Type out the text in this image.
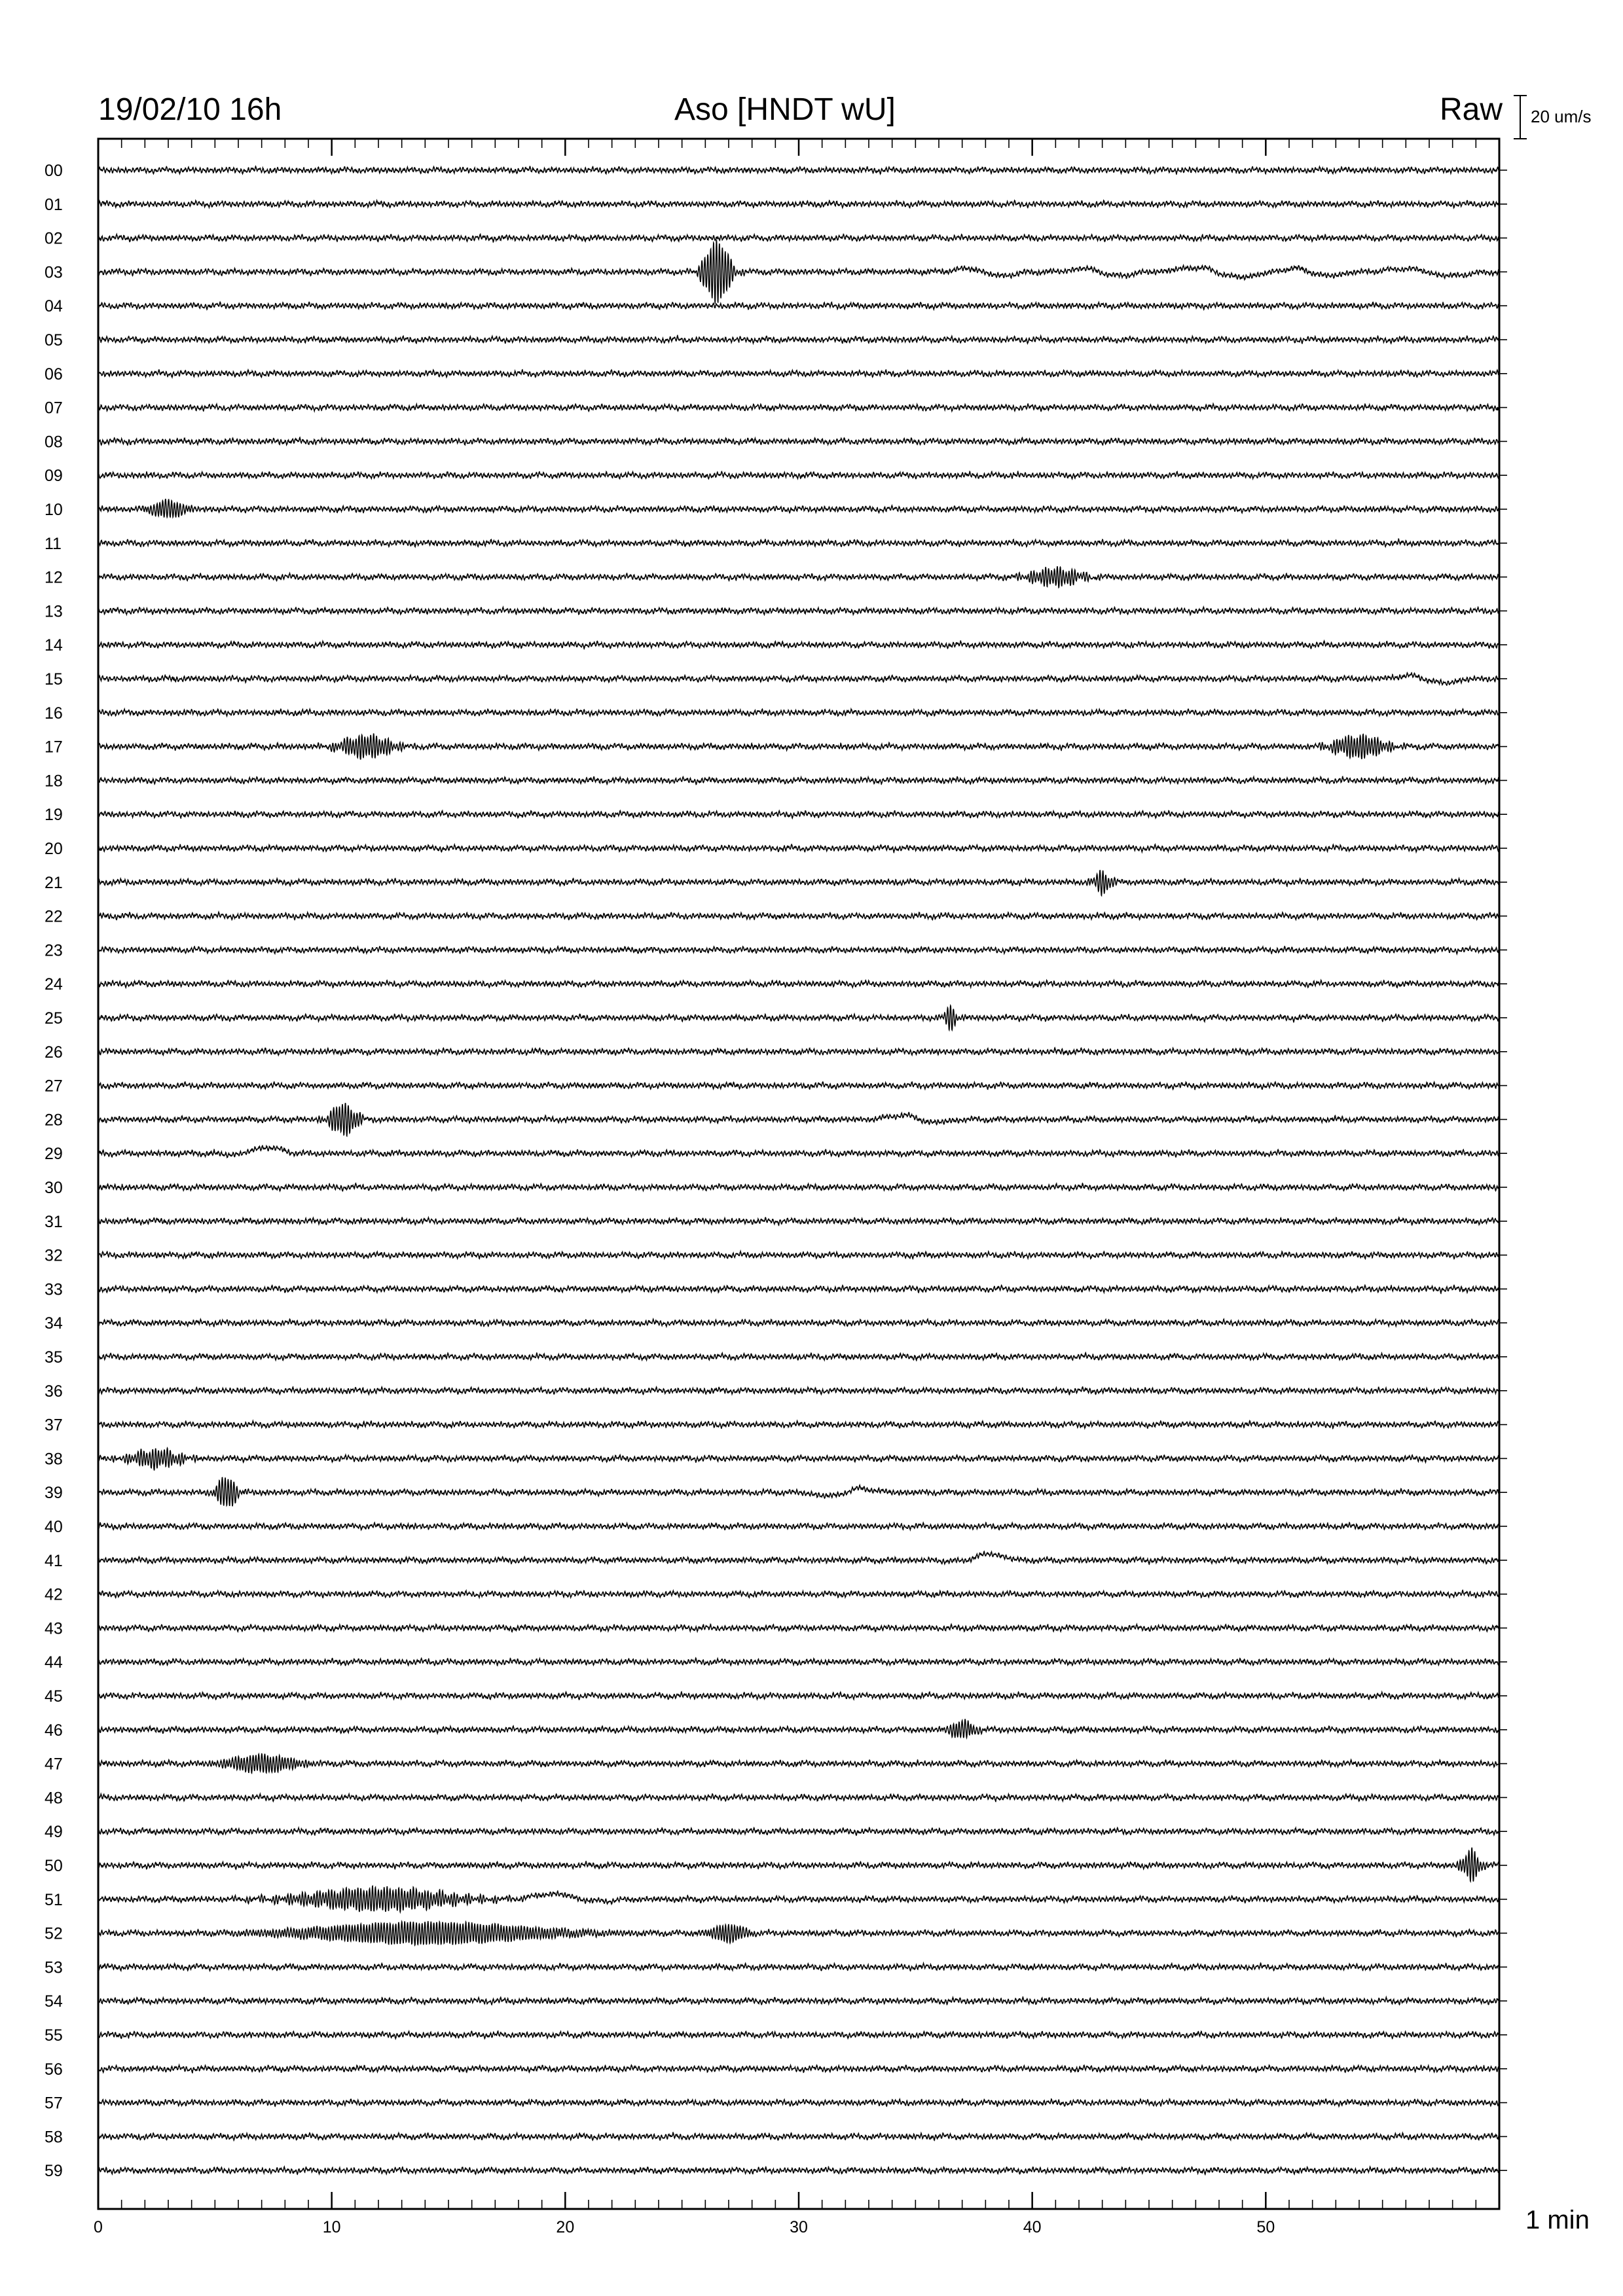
19/02/10 16h	Aso [HNDT wU]	Raw 20 um/s
1 min
00
01
02
03
04
05
06
07
08
09
10
11
12
13
14
15
16
17
18
19
20
21
22
23
24
25
26
27
28
29
30
31
32
33
34
35
36
37
38
39
40
41
42
43
44
45
46
47
48
49
50
51
52
53
54
55
56
57
58
59
0	10	20	30	40	50
